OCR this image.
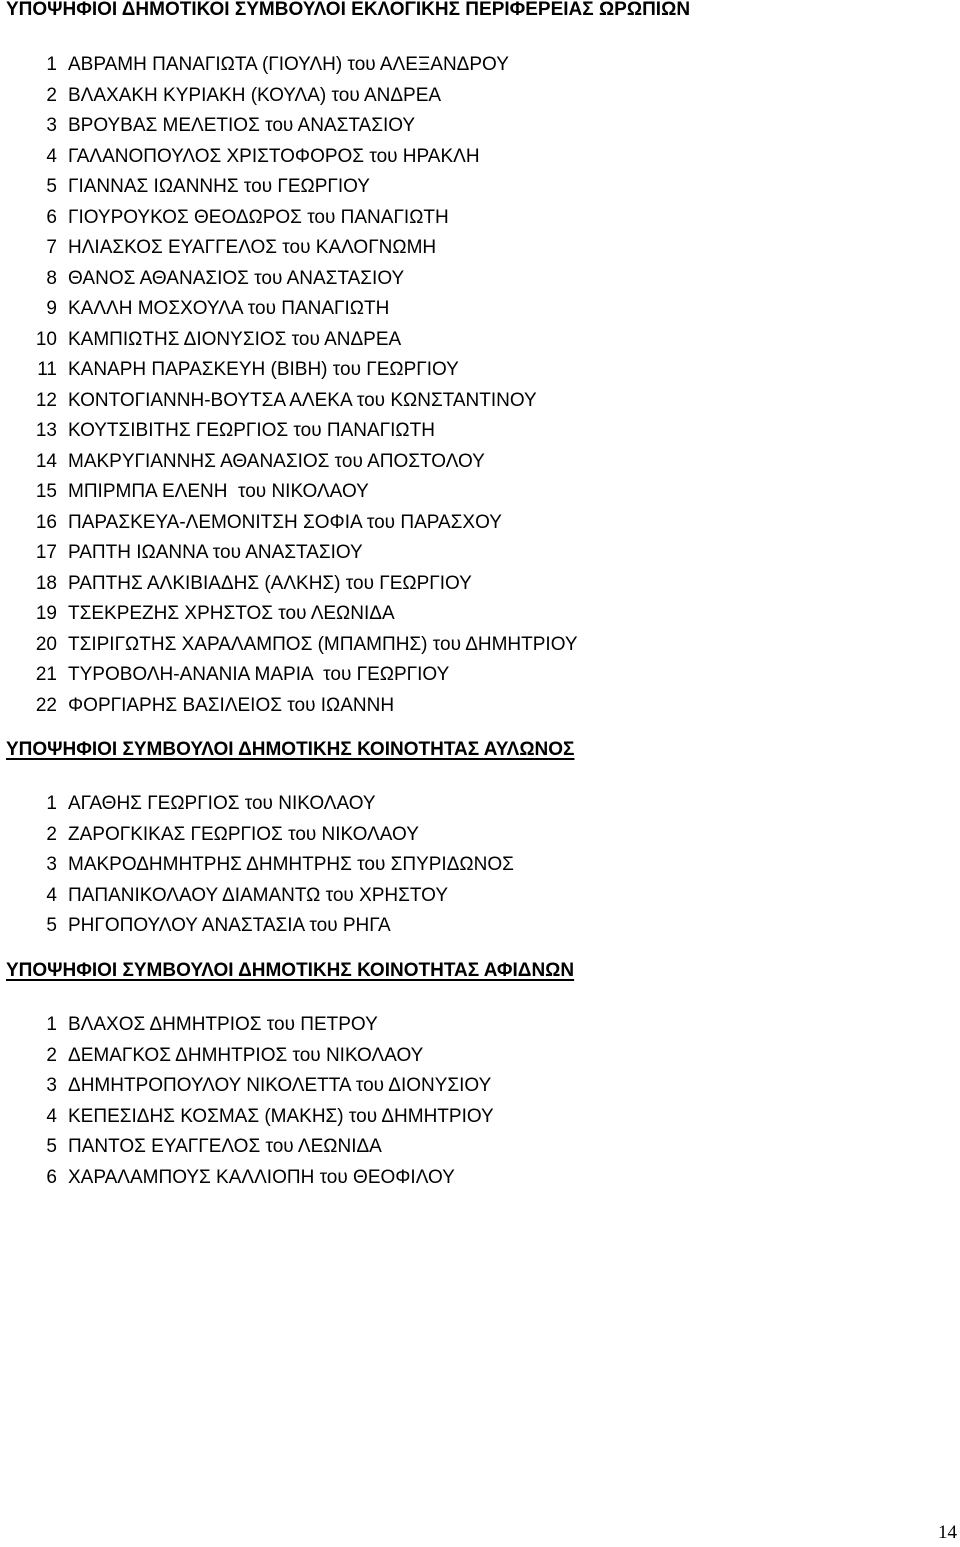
ΥΠΟΨΗΦΙΟΙ ΔΗΜΟΤΙΚΟΙ ΣΥΜΒΟΥΛΟΙ ΕΚΛΟΓΙΚΗΣ ΠΕΡΙΦΕΡΕΙΑΣ ΩΡΩΠΙΩΝ
1 ΑΒΡΑΜΗ ΠΑΝΑΓΙΩΤΑ (ΓΙΟΥΛΗ) του ΑΛΕΞΑΝΔΡΟΥ
2 ΒΛΑΧΑΚΗ ΚΥΡΙΑΚΗ (ΚΟΥΛΑ) του ΑΝΔΡΕΑ
3 ΒΡΟΥΒΑΣ ΜΕΛΕΤΙΟΣ του ΑΝΑΣΤΑΣΙΟΥ
4 ΓΑΛΑΝΟΠΟΥΛΟΣ ΧΡΙΣΤΟΦΟΡΟΣ του ΗΡΑΚΛΗ
5 ΓΙΑΝΝΑΣ ΙΩΑΝΝΗΣ του ΓΕΩΡΓΙΟΥ
6 ΓΙΟΥΡΟΥΚΟΣ ΘΕΟΔΩΡΟΣ του ΠΑΝΑΓΙΩΤΗ
7 ΗΛΙΑΣΚΟΣ ΕΥΑΓΓΕΛΟΣ του ΚΑΛΟΓΝΩΜΗ
8 ΘΑΝΟΣ ΑΘΑΝΑΣΙΟΣ του ΑΝΑΣΤΑΣΙΟΥ
9 ΚΑΛΛΗ ΜΟΣΧΟΥΛΑ του ΠΑΝΑΓΙΩΤΗ
10 ΚΑΜΠΙΩΤΗΣ ΔΙΟΝΥΣΙΟΣ του ΑΝΔΡΕΑ
11 ΚΑΝΑΡΗ ΠΑΡΑΣΚΕΥΗ (ΒΙΒΗ) του ΓΕΩΡΓΙΟΥ
12 ΚΟΝΤΟΓΙΑΝΝΗ-ΒΟΥΤΣΑ ΑΛΕΚΑ του ΚΩΝΣΤΑΝΤΙΝΟΥ
13 ΚΟΥΤΣΙΒΙΤΗΣ ΓΕΩΡΓΙΟΣ του ΠΑΝΑΓΙΩΤΗ
14 ΜΑΚΡΥΓΙΑΝΝΗΣ ΑΘΑΝΑΣΙΟΣ του ΑΠΟΣΤΟΛΟΥ
15 ΜΠΙΡΜΠΑ ΕΛΕΝΗ  του ΝΙΚΟΛΑΟΥ
16 ΠΑΡΑΣΚΕΥΑ-ΛΕΜΟΝΙΤΣΗ ΣΟΦΙΑ του ΠΑΡΑΣΧΟΥ
17 ΡΑΠΤΗ ΙΩΑΝΝΑ του ΑΝΑΣΤΑΣΙΟΥ
18 ΡΑΠΤΗΣ ΑΛΚΙΒΙΑΔΗΣ (ΑΛΚΗΣ) του ΓΕΩΡΓΙΟΥ
19 ΤΣΕΚΡΕΖΗΣ ΧΡΗΣΤΟΣ του ΛΕΩΝΙΔΑ
20 ΤΣΙΡΙΓΩΤΗΣ ΧΑΡΑΛΑΜΠΟΣ (ΜΠΑΜΠΗΣ) του ΔΗΜΗΤΡΙΟΥ
21 ΤΥΡΟΒΟΛΗ-ΑΝΑΝΙΑ ΜΑΡΙΑ  του ΓΕΩΡΓΙΟΥ
22 ΦΟΡΓΙΑΡΗΣ ΒΑΣΙΛΕΙΟΣ του ΙΩΑΝΝΗ
ΥΠΟΨΗΦΙΟΙ ΣΥΜΒΟΥΛΟΙ ΔΗΜΟΤΙΚΗΣ ΚΟΙΝΟΤΗΤΑΣ ΑΥΛΩΝΟΣ
1 ΑΓΑΘΗΣ ΓΕΩΡΓΙΟΣ του ΝΙΚΟΛΑΟΥ
2 ΖΑΡΟΓΚΙΚΑΣ ΓΕΩΡΓΙΟΣ του ΝΙΚΟΛΑΟΥ
3 ΜΑΚΡΟΔΗΜΗΤΡΗΣ ΔΗΜΗΤΡΗΣ του ΣΠΥΡΙΔΩΝΟΣ
4 ΠΑΠΑΝΙΚΟΛΑΟΥ ΔΙΑΜΑΝΤΩ του ΧΡΗΣΤΟΥ
5 ΡΗΓΟΠΟΥΛΟΥ ΑΝΑΣΤΑΣΙΑ του ΡΗΓΑ
ΥΠΟΨΗΦΙΟΙ ΣΥΜΒΟΥΛΟΙ ΔΗΜΟΤΙΚΗΣ ΚΟΙΝΟΤΗΤΑΣ ΑΦΙΔΝΩΝ
1 ΒΛΑΧΟΣ ΔΗΜΗΤΡΙΟΣ του ΠΕΤΡΟΥ
2 ΔΕΜΑΓΚΟΣ ΔΗΜΗΤΡΙΟΣ του ΝΙΚΟΛΑΟΥ
3 ΔΗΜΗΤΡΟΠΟΥΛΟΥ ΝΙΚΟΛΕΤΤΑ του ΔΙΟΝΥΣΙΟΥ
4 ΚΕΠΕΣΙΔΗΣ ΚΟΣΜΑΣ (ΜΑΚΗΣ) του ΔΗΜΗΤΡΙΟΥ
5 ΠΑΝΤΟΣ ΕΥΑΓΓΕΛΟΣ του ΛΕΩΝΙΔΑ
6 ΧΑΡΑΛΑΜΠΟΥΣ ΚΑΛΛΙΟΠΗ του ΘΕΟΦΙΛΟΥ
14
